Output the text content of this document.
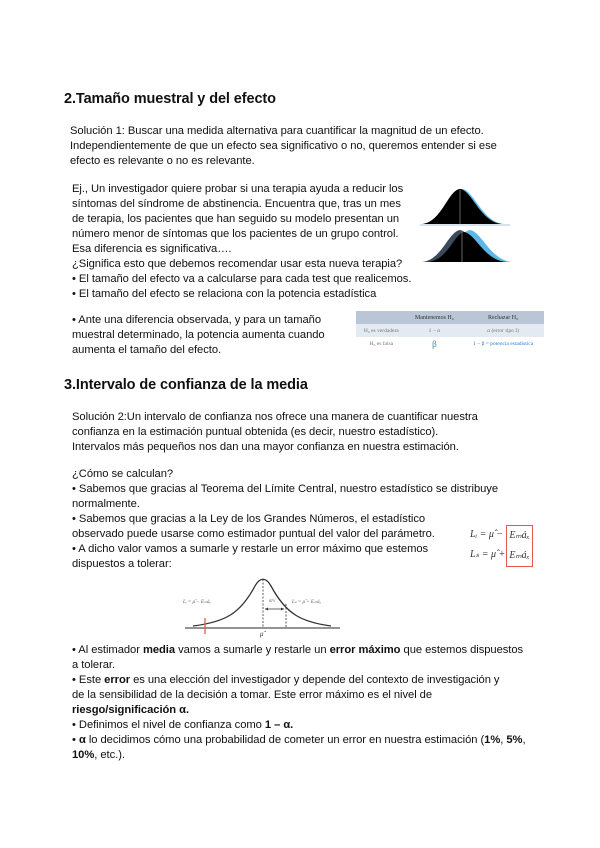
2.Tamaño muestral y del efecto
Solución 1: Buscar una medida alternativa para cuantificar la magnitud de un efecto.
Independientemente de que un efecto sea significativo o no, queremos entender si ese
efecto es relevante o no es relevante.
Ej., Un investigador quiere probar si una terapia ayuda a reducir los
síntomas del síndrome de abstinencia. Encuentra que, tras un mes
de terapia, los pacientes que han seguido su modelo presentan un
número menor de síntomas que los pacientes de un grupo control.
Esa diferencia es significativa….
¿Significa esto que debemos recomendar usar esta nueva terapia?
• El tamaño del efecto va a calcularse para cada test que realicemos.
• El tamaño del efecto se relaciona con la potencia estadística
• Ante una diferencia observada, y para un tamaño
muestral determinado, la potencia aumenta cuando
aumenta el tamaño del efecto.
	Mantenemos H₀	Rechazar H₀
H₀ es verdadera	1 − α	α (error tipo I)
H₀ es falsa	β	1 − β = potencia estadística
3.Intervalo de confianza de la media
Solución 2:Un intervalo de confianza nos ofrece una manera de cuantificar nuestra
confianza en la estimación puntual obtenida (es decir, nuestro estadístico).
Intervalos más pequeños nos dan una mayor confianza en nuestra estimación.
¿Cómo se calculan?
• Sabemos que gracias al Teorema del Límite Central, nuestro estadístico se distribuye
normalmente.
• Sabemos que gracias a la Ley de los Grandes Números, el estadístico
observado puede usarse como estimador puntual del valor del parámetro.
• A dicho valor vamos a sumarle y restarle un error máximo que estemos
dispuestos a tolerar:
Lᵢ = μ̂ −
Lₛ = μ̂ +
Eₘáₓ
Eₘáₓ
Lᵢ = μ̂ − Eₘáₓ	Lₛ = μ̂ + Eₘáₓ
σ/√
μ̂
• Al estimador media vamos a sumarle y restarle un error máximo que estemos dispuestos
a tolerar.
• Este error es una elección del investigador y depende del contexto de investigación y
de la sensibilidad de la decisión a tomar. Este error máximo es el nivel de
riesgo/significación α.
• Definimos el nivel de confianza como 1 – α.
• α lo decidimos cómo una probabilidad de cometer un error en nuestra estimación (1%, 5%,
10%, etc.).
